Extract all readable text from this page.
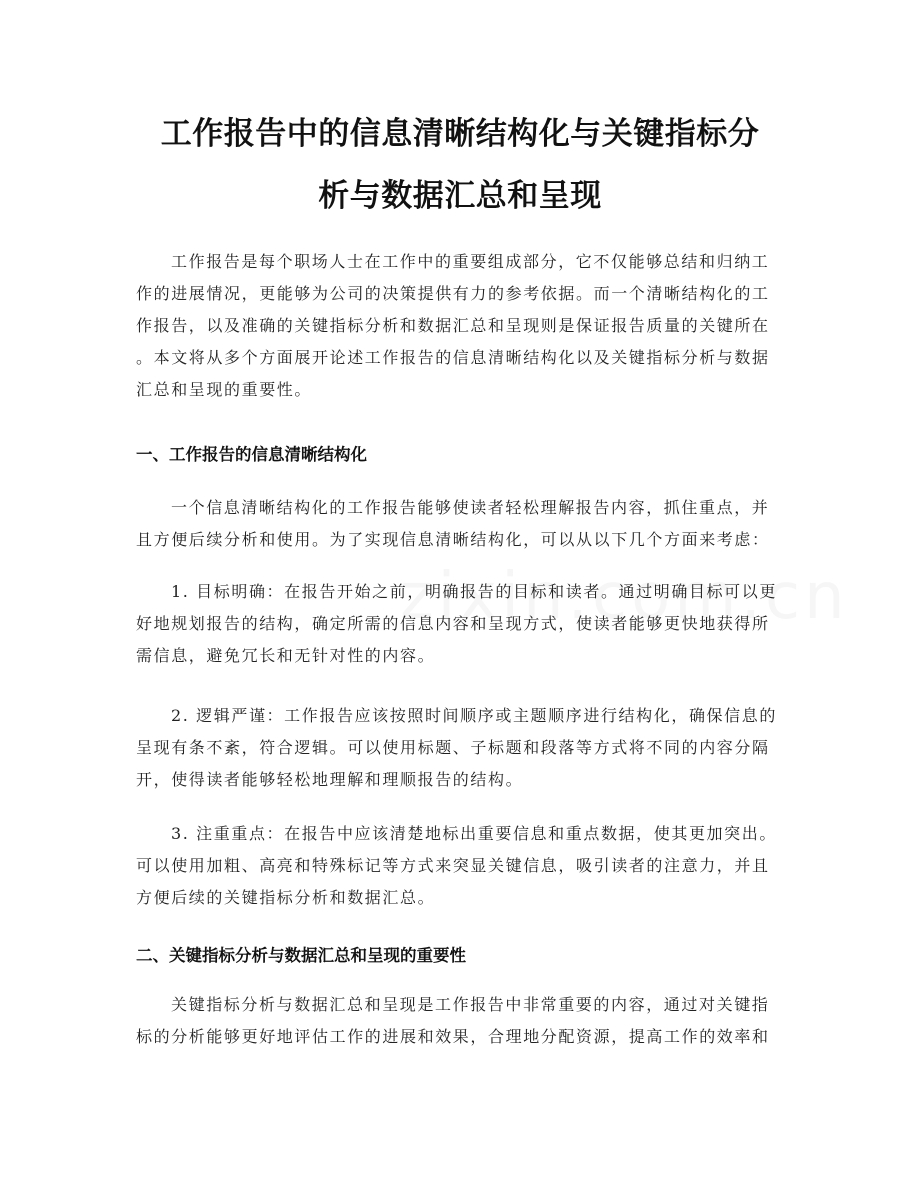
工作报告中的信息清晰结构化与关键指标分
析与数据汇总和呈现
工作报告是每个职场人士在工作中的重要组成部分，它不仅能够总结和归纳工
作的进展情况，更能够为公司的决策提供有力的参考依据。而一个清晰结构化的工
作报告，以及准确的关键指标分析和数据汇总和呈现则是保证报告质量的关键所在
。本文将从多个方面展开论述工作报告的信息清晰结构化以及关键指标分析与数据
汇总和呈现的重要性。
一、工作报告的信息清晰结构化
一个信息清晰结构化的工作报告能够使读者轻松理解报告内容，抓住重点，并
且方便后续分析和使用。为了实现信息清晰结构化，可以从以下几个方面来考虑：
1. 目标明确：在报告开始之前，明确报告的目标和读者。通过明确目标可以更
好地规划报告的结构，确定所需的信息内容和呈现方式，使读者能够更快地获得所
需信息，避免冗长和无针对性的内容。
2. 逻辑严谨：工作报告应该按照时间顺序或主题顺序进行结构化，确保信息的
呈现有条不紊，符合逻辑。可以使用标题、子标题和段落等方式将不同的内容分隔
开，使得读者能够轻松地理解和理顺报告的结构。
3. 注重重点：在报告中应该清楚地标出重要信息和重点数据，使其更加突出。
可以使用加粗、高亮和特殊标记等方式来突显关键信息，吸引读者的注意力，并且
方便后续的关键指标分析和数据汇总。
二、关键指标分析与数据汇总和呈现的重要性
关键指标分析与数据汇总和呈现是工作报告中非常重要的内容，通过对关键指
标的分析能够更好地评估工作的进展和效果，合理地分配资源，提高工作的效率和
